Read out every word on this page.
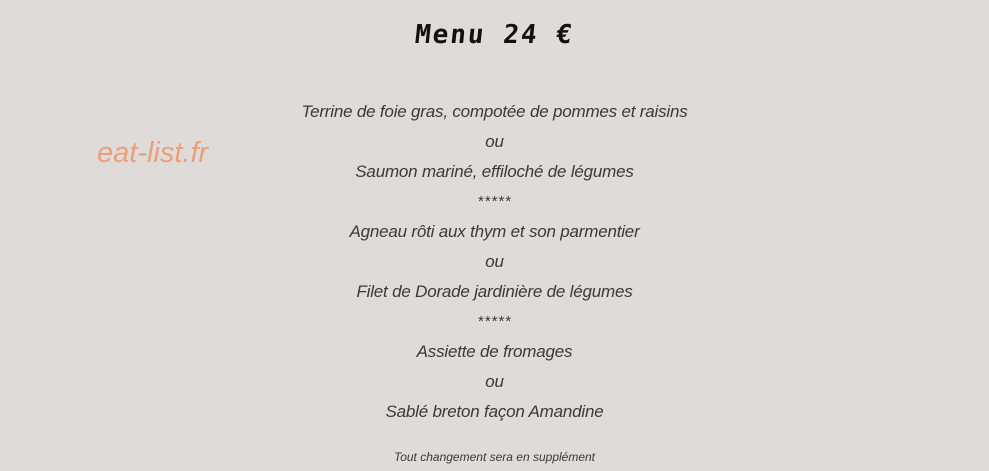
Menu 24 €
eat-list.fr
Terrine de foie gras, compotée de pommes et raisins
ou
Saumon mariné, effiloché de légumes
*****
Agneau rôti aux thym et son parmentier
ou
Filet de Dorade jardinière de légumes
*****
Assiette de fromages
ou
Sablé breton façon Amandine
Tout changement sera en supplément
